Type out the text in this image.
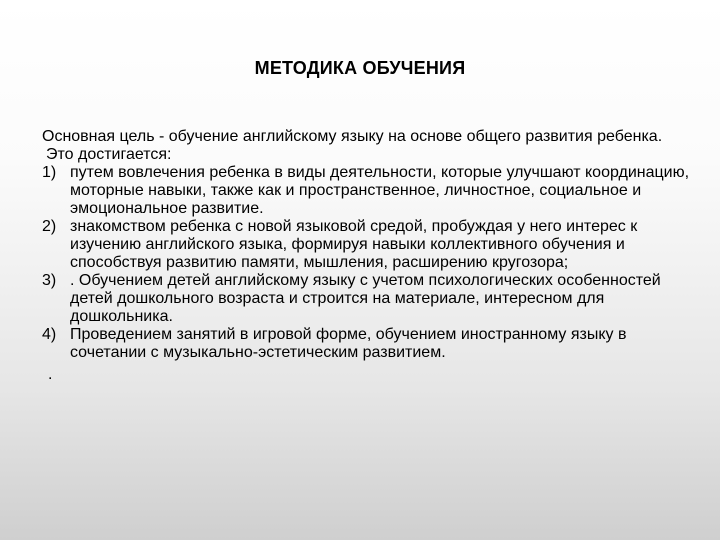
МЕТОДИКА ОБУЧЕНИЯ

Основная цель - обучение английскому языку на основе общего развития ребенка.

Это достигается:

1) путем вовлечения ребенка в виды деятельности, которые улучшают координацию, моторные навыки, также как и пространственное, личностное, социальное и эмоциональное развитие.
2) знакомством ребенка с новой языковой средой, пробуждая у него интерес к изучению английского языка, формируя навыки коллективного обучения и способствуя развитию памяти, мышления, расширению кругозора;
3) . Обучением детей английскому языку с учетом психологических особенностей детей дошкольного возраста и строится на материале, интересном для дошкольника.
4) Проведением занятий в игровой форме, обучением иностранному языку в сочетании с музыкально-эстетическим развитием.

.
